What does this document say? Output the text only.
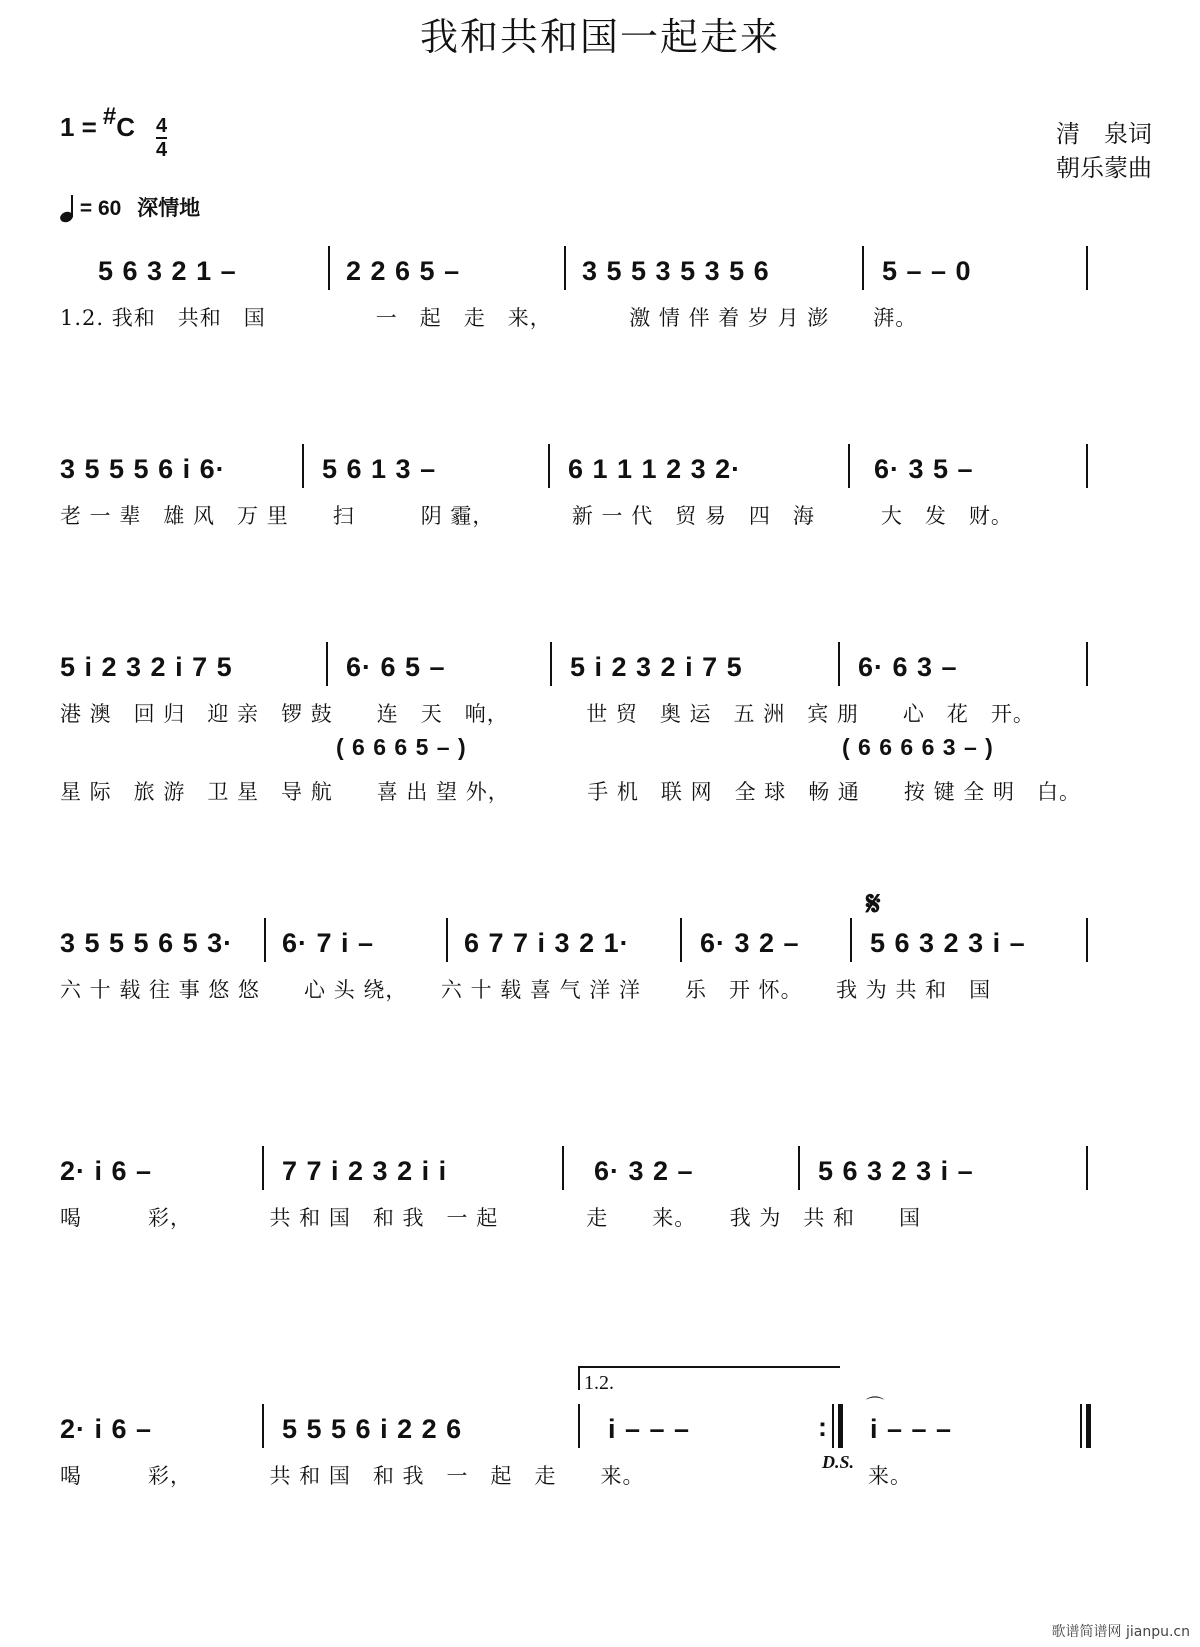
我和共和国一起走来
1 = #C 4
4
清　泉词
朝乐蒙曲
= 60 深情地
5 6 3 2 1 –	2 2 6 5 –	3 5 5 3 5 3 5 6	5 – – 0
1.2. 我和　共和　国　　　　　一　起　走　来，　　　　激 情 伴 着 岁 月 澎　　湃。
3 5 5 5 6 i 6·	5 6 1 3 –	6 1 1 1 2 3 2·	6· 3 5 –
老 一 辈　雄 风　万 里　　扫　　　阴 霾，　　　　新 一 代　贸 易　四　海　　　大　发　财。
5 i 2 3 2 i 7 5	6· 6 5 –	5 i 2 3 2 i 7 5	6· 6 3 –
港 澳　回 归　迎 亲　锣 鼓　　连　天　响，　　　　世 贸　奥 运　五 洲　宾 朋　　心　花　开。
( 6 6 6 5 – )	( 6 6 6 6 3 – )
星 际　旅 游　卫 星　导 航　　喜 出 望 外，　　　　手 机　联 网　全 球　畅 通　　按 键 全 明　白。
𝄋
3 5 5 5 6 5 3· 6· 7 i –	6 7 7 i 3 2 1·	6· 3 2 –	5 6 3 2 3 i –
六 十 载 往 事 悠 悠　　心 头 绕，　　六 十 载 喜 气 洋 洋　　乐　开 怀。　　我 为 共 和　国
2· i 6 –	7 7 i 2 3 2 i i	6· 3 2 –	5 6 3 2 3 i –
喝　　　彩，　　　　共 和 国　和 我　一 起　　　　走　　来。　　我 为　共 和　　国
1.2.
2· i 6 –	5 5 5 6 i 2 2 6	i – – –	:
⌒
i – – –
喝　　　彩，　　　　共 和 国　和 我　一　起　走　　来。
D.S.
来。
歌谱简谱网 jianpu.cn
